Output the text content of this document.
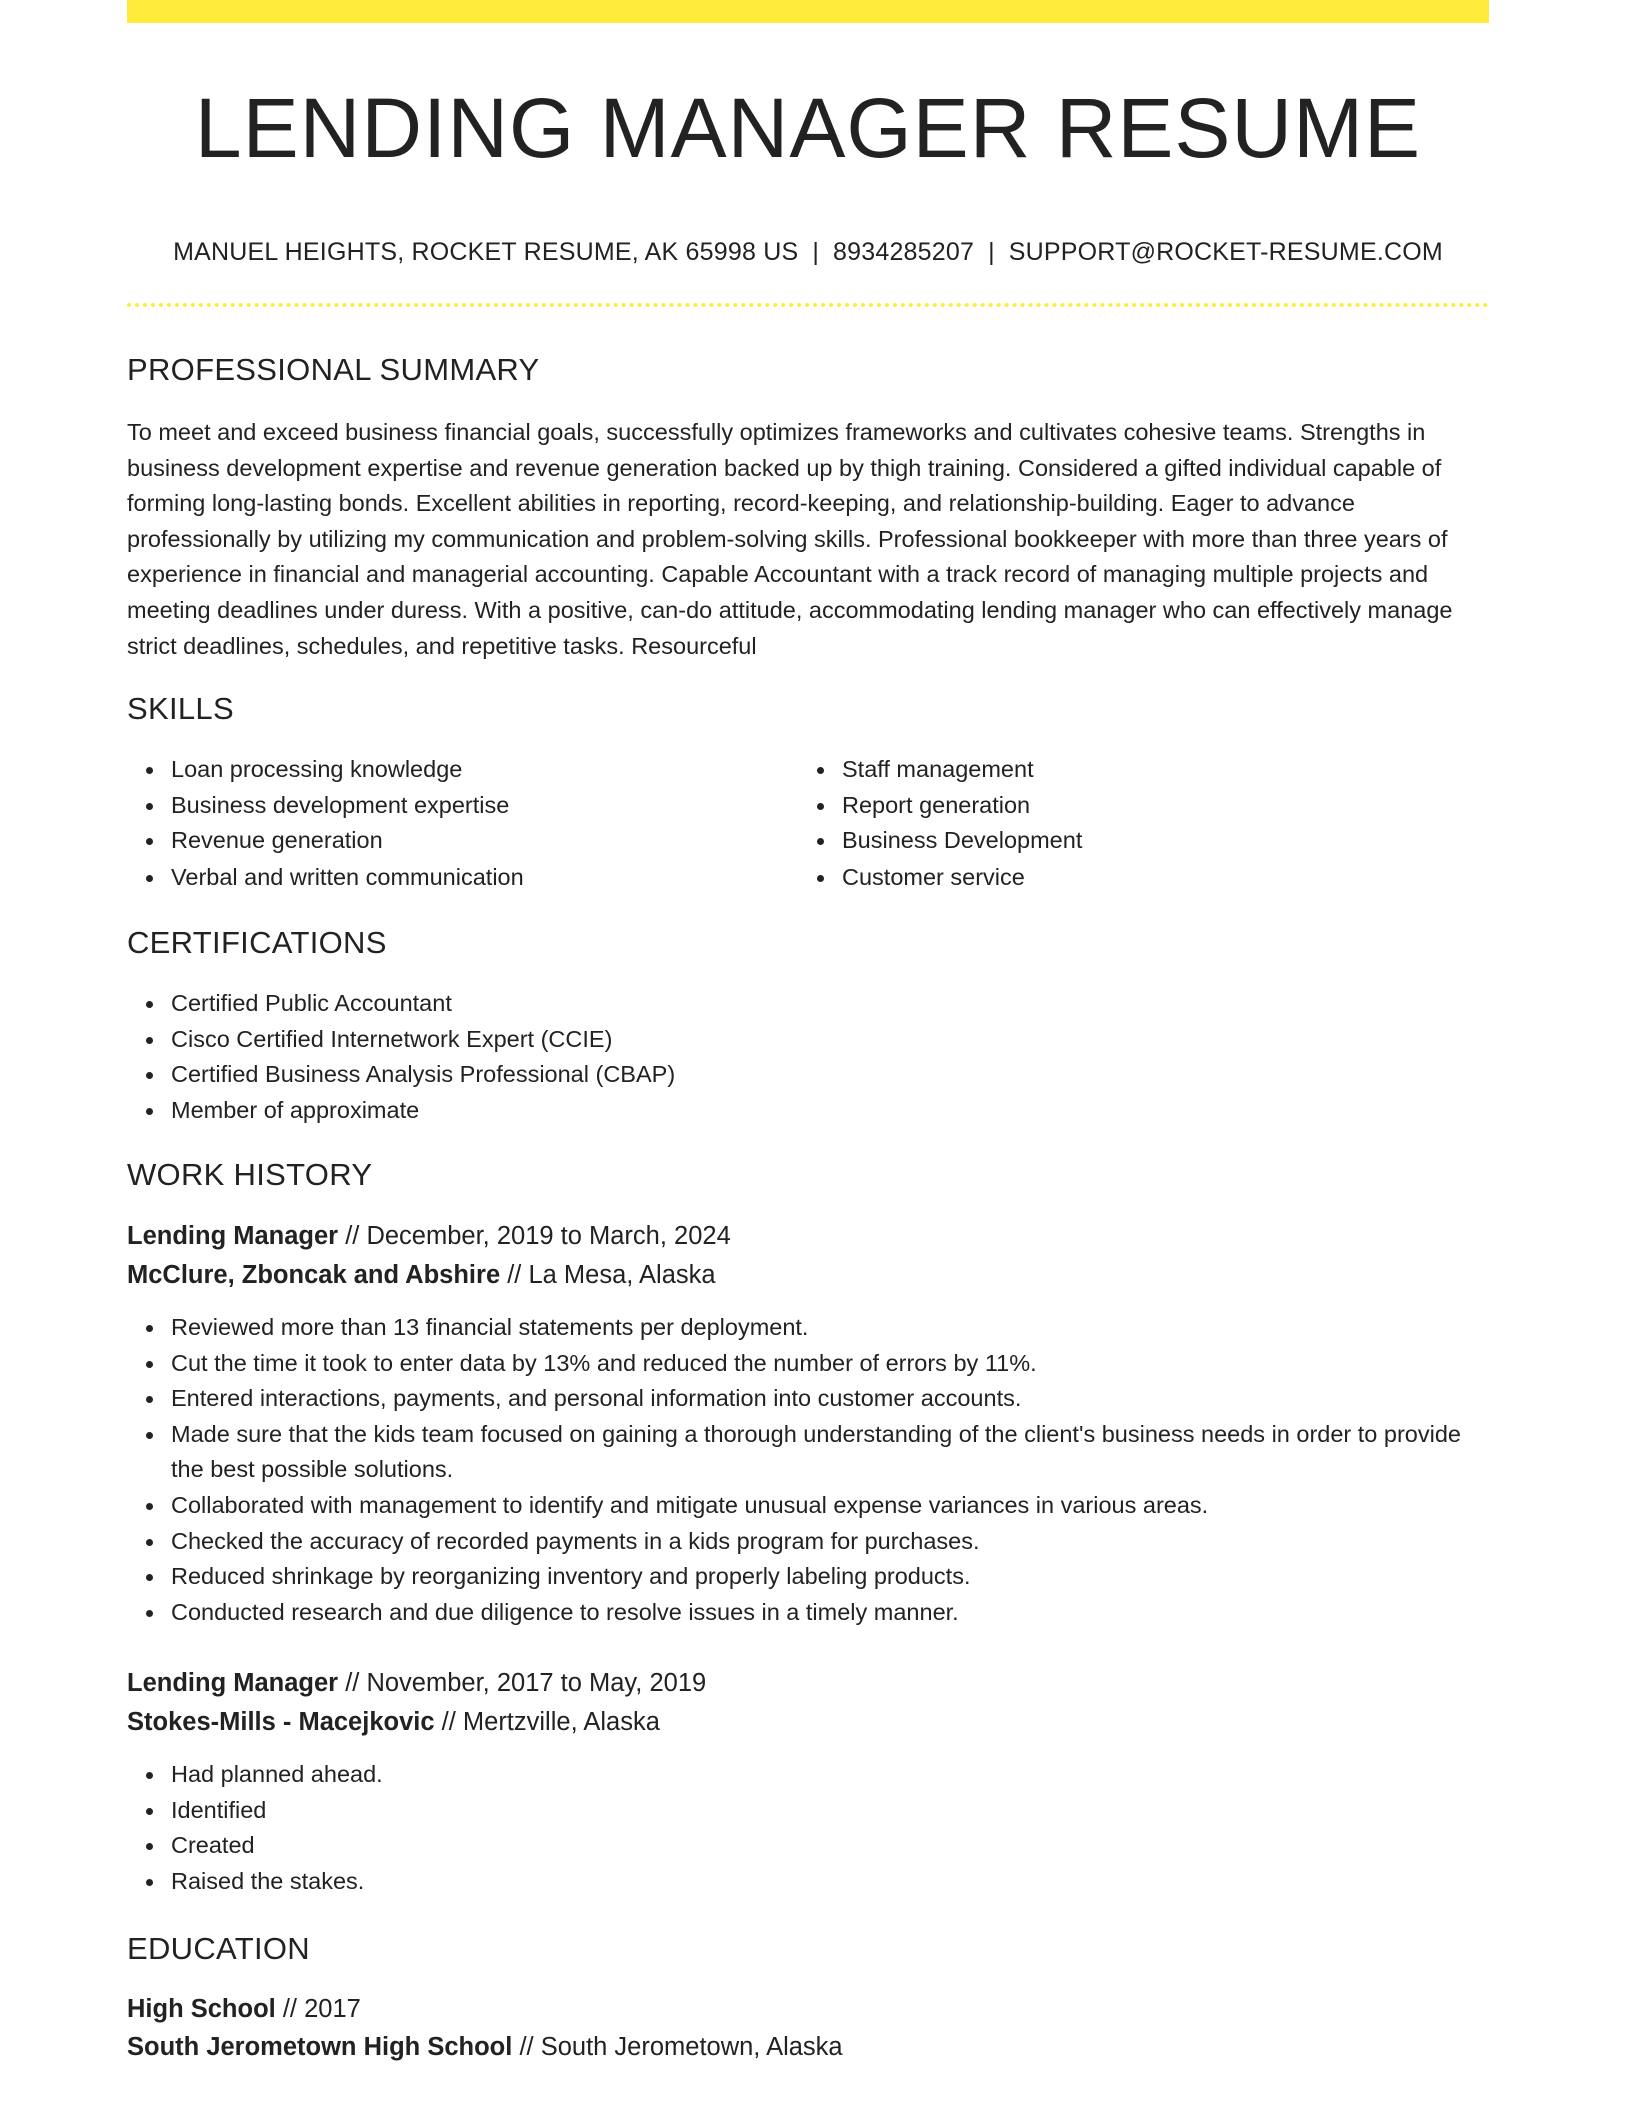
LENDING MANAGER RESUME
MANUEL HEIGHTS, ROCKET RESUME, AK 65998 US | 8934285207 | SUPPORT@ROCKET-RESUME.COM
PROFESSIONAL SUMMARY

To meet and exceed business financial goals, successfully optimizes frameworks and cultivates cohesive teams. Strengths in business development expertise and revenue generation backed up by thigh training. Considered a gifted individual capable of forming long-lasting bonds. Excellent abilities in reporting, record-keeping, and relationship-building. Eager to advance professionally by utilizing my communication and problem-solving skills. Professional bookkeeper with more than three years of experience in financial and managerial accounting. Capable Accountant with a track record of managing multiple projects and meeting deadlines under duress. With a positive, can-do attitude, accommodating lending manager who can effectively manage strict deadlines, schedules, and repetitive tasks. Resourceful

SKILLS
Loan processing knowledge
Business development expertise
Revenue generation
Verbal and written communication
Staff management
Report generation
Business Development
Customer service
CERTIFICATIONS
Certified Public Accountant
Cisco Certified Internetwork Expert (CCIE)
Certified Business Analysis Professional (CBAP)
Member of approximate
WORK HISTORY
Lending Manager // December, 2019 to March, 2024
McClure, Zboncak and Abshire // La Mesa, Alaska
Reviewed more than 13 financial statements per deployment.
Cut the time it took to enter data by 13% and reduced the number of errors by 11%.
Entered interactions, payments, and personal information into customer accounts.
Made sure that the kids team focused on gaining a thorough understanding of the client's business needs in order to provide the best possible solutions.
Collaborated with management to identify and mitigate unusual expense variances in various areas.
Checked the accuracy of recorded payments in a kids program for purchases.
Reduced shrinkage by reorganizing inventory and properly labeling products.
Conducted research and due diligence to resolve issues in a timely manner.
Lending Manager // November, 2017 to May, 2019
Stokes-Mills - Macejkovic // Mertzville, Alaska
Had planned ahead.
Identified
Created
Raised the stakes.
EDUCATION
High School // 2017
South Jerometown High School // South Jerometown, Alaska
